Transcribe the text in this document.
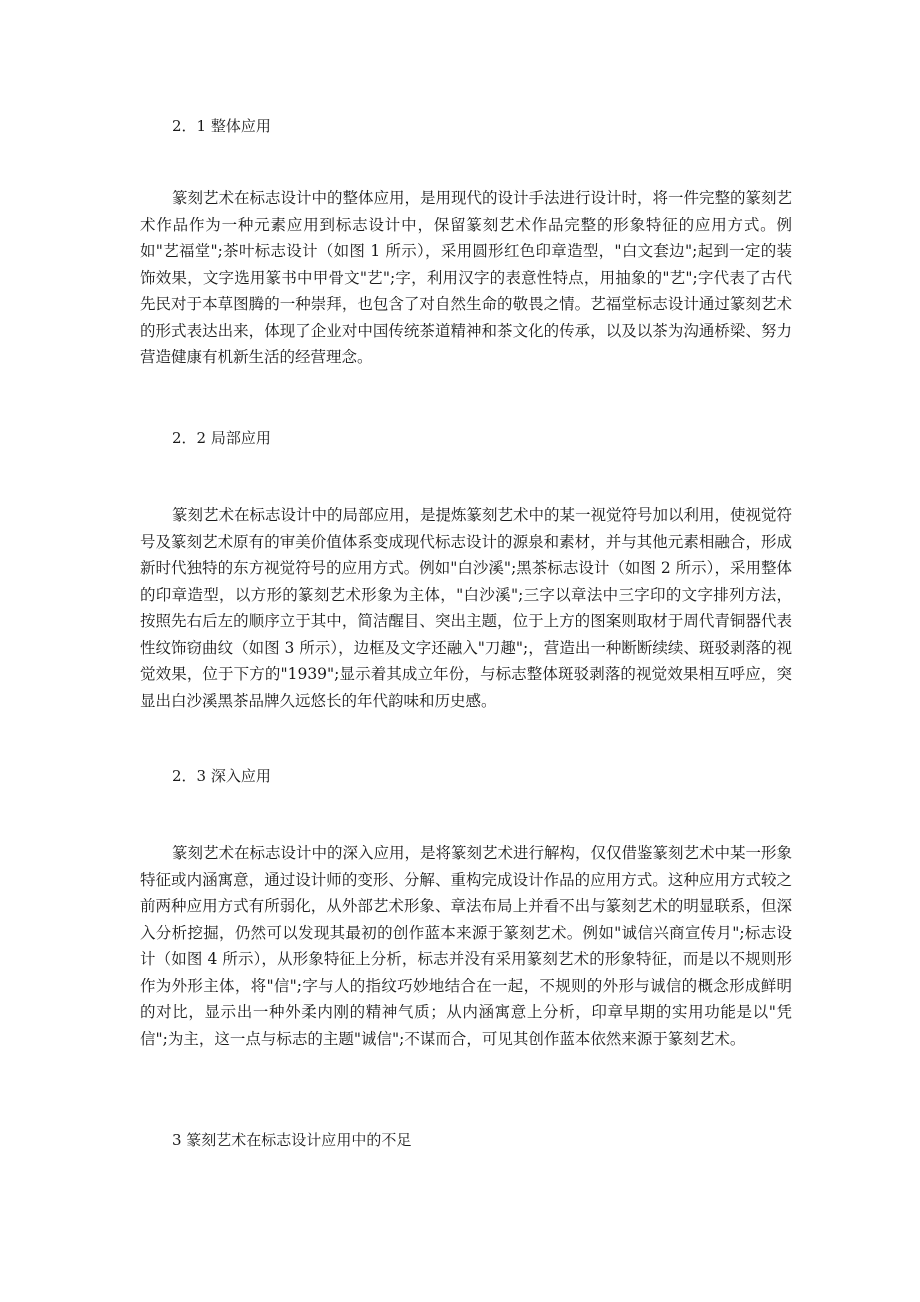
2．1 整体应用
篆刻艺术在标志设计中的整体应用，是用现代的设计手法进行设计时，将一件完整的篆刻艺术作品作为一种元素应用到标志设计中，保留篆刻艺术作品完整的形象特征的应用方式。例如"艺福堂";茶叶标志设计（如图 1 所示），采用圆形红色印章造型，"白文套边";起到一定的装饰效果，文字选用篆书中甲骨文"艺";字，利用汉字的表意性特点，用抽象的"艺";字代表了古代先民对于本草图腾的一种崇拜，也包含了对自然生命的敬畏之情。艺福堂标志设计通过篆刻艺术的形式表达出来，体现了企业对中国传统茶道精神和茶文化的传承，以及以茶为沟通桥梁、努力营造健康有机新生活的经营理念。
2．2 局部应用
篆刻艺术在标志设计中的局部应用，是提炼篆刻艺术中的某一视觉符号加以利用，使视觉符号及篆刻艺术原有的审美价值体系变成现代标志设计的源泉和素材，并与其他元素相融合，形成新时代独特的东方视觉符号的应用方式。例如"白沙溪";黑茶标志设计（如图 2 所示），采用整体的印章造型，以方形的篆刻艺术形象为主体，"白沙溪";三字以章法中三字印的文字排列方法，按照先右后左的顺序立于其中，简洁醒目、突出主题，位于上方的图案则取材于周代青铜器代表性纹饰窃曲纹（如图 3 所示），边框及文字还融入"刀趣";，营造出一种断断续续、斑驳剥落的视觉效果，位于下方的"1939";显示着其成立年份，与标志整体斑驳剥落的视觉效果相互呼应，突显出白沙溪黑茶品牌久远悠长的年代韵味和历史感。
2．3 深入应用
篆刻艺术在标志设计中的深入应用，是将篆刻艺术进行解构，仅仅借鉴篆刻艺术中某一形象特征或内涵寓意，通过设计师的变形、分解、重构完成设计作品的应用方式。这种应用方式较之前两种应用方式有所弱化，从外部艺术形象、章法布局上并看不出与篆刻艺术的明显联系，但深入分析挖掘，仍然可以发现其最初的创作蓝本来源于篆刻艺术。例如"诚信兴商宣传月";标志设计（如图 4 所示），从形象特征上分析，标志并没有采用篆刻艺术的形象特征，而是以不规则形作为外形主体，将"信";字与人的指纹巧妙地结合在一起，不规则的外形与诚信的概念形成鲜明的对比，显示出一种外柔内刚的精神气质；从内涵寓意上分析，印章早期的实用功能是以"凭信";为主，这一点与标志的主题"诚信";不谋而合，可见其创作蓝本依然来源于篆刻艺术。
3 篆刻艺术在标志设计应用中的不足
